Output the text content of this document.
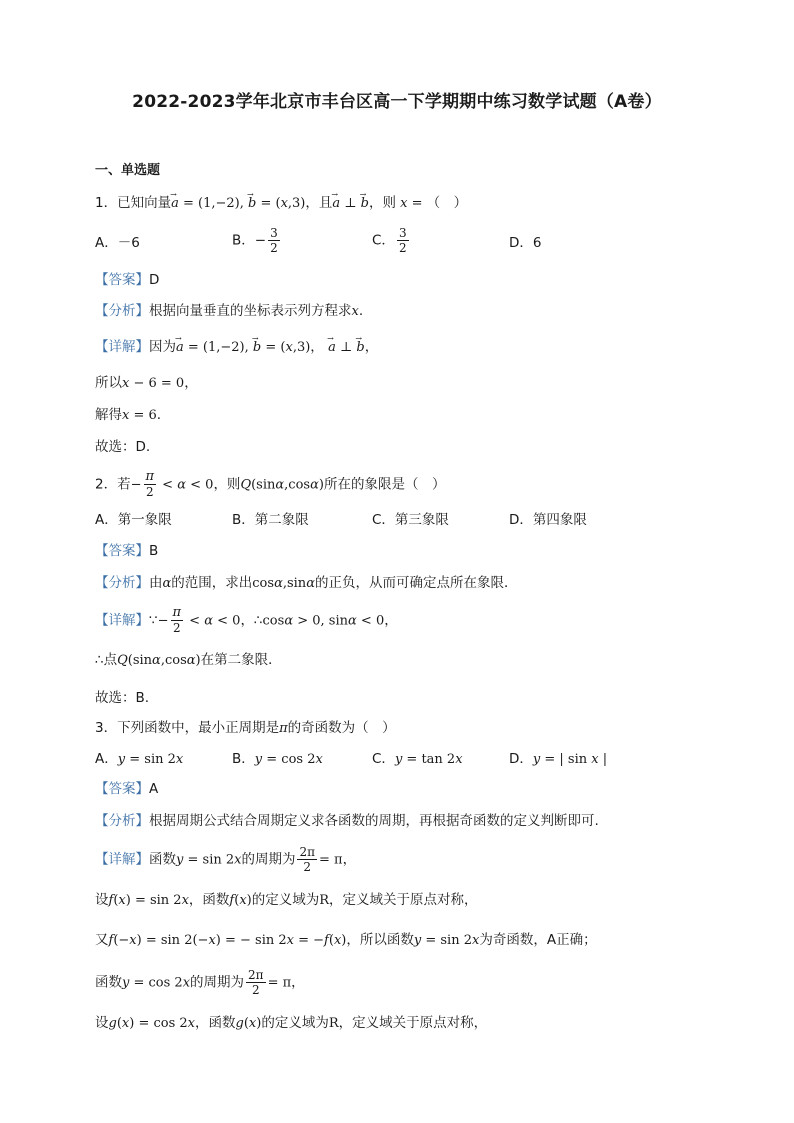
2022-2023学年北京市丰台区高一下学期期中练习数学试题（A卷）
一、单选题
1．已知向量→ a = (1,−2), → b = (x,3)，且→ a ⊥ → b，则 x = （　）
A．－6	B．− $\frac{3}{2}$	C． $\frac{3}{2}$	D．6
【答案】D
【分析】根据向量垂直的坐标表示列方程求x.
【详解】因为→ a = (1,−2), → b = (x,3)， → a ⊥ → b，
所以x − 6 = 0，
解得x = 6.
故选：D.
2．若− $\frac{\pi}{2} < \alpha < 0$，则Q(sinα,cosα)所在的象限是（　）
A．第一象限	B．第二象限	C．第三象限	D．第四象限
【答案】B
【分析】由α的范围，求出cosα,sinα的正负，从而可确定点所在象限．
【详解】∵− $\frac{\pi}{2} < \alpha < 0$，∴cosα > 0, sinα < 0，
∴点Q(sinα,cosα)在第二象限．
故选：B.
3．下列函数中，最小正周期是π的奇函数为（　）
A．y = sin 2x	B．y = cos 2x	C．y = tan 2x	D．y = | sin x |
【答案】A
【分析】根据周期公式结合周期定义求各函数的周期，再根据奇函数的定义判断即可.
【详解】函数y = sin 2x的周期为 $\frac{2\pi}{2} = \pi$，
设f(x) = sin 2x，函数f(x)的定义域为R，定义域关于原点对称，
又f(−x) = sin 2(−x) = − sin 2x = −f(x)，所以函数y = sin 2x为奇函数，A正确；
函数y = cos 2x的周期为 $\frac{2\pi}{2} = \pi$，
设g(x) = cos 2x，函数g(x)的定义域为R，定义域关于原点对称，
